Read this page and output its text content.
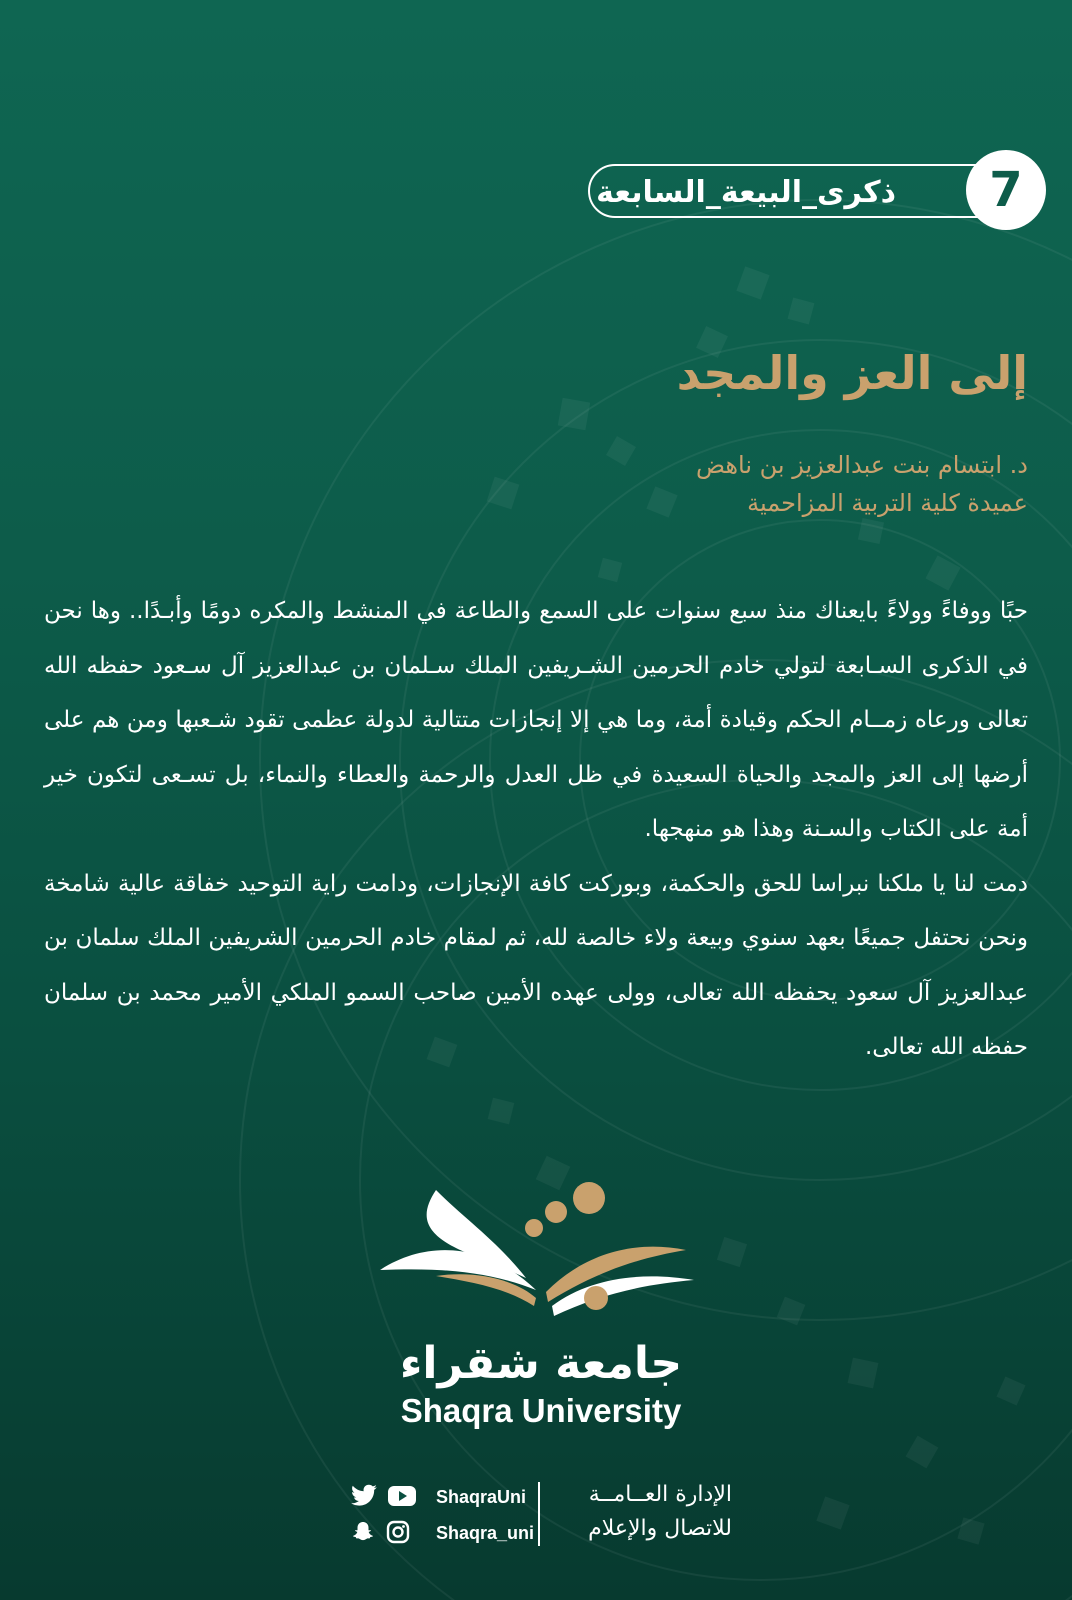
ذكرى_البيعة_السابعة	7
إلى العز والمجد
د. ابتسام بنت عبدالعزيز بن ناهض
عميدة كلية التربية المزاحمية

حبًا ووفاءً وولاءً بايعناك منذ سبع سنوات على السمع والطاعة في المنشط والمكره دومًا وأبـدًا.. وها نحن في الذكرى السـابعة لتولي خادم الحرمين الشـريفين الملك سـلمان بن عبدالعزيز آل سـعود حفظه الله تعالى ورعاه زمــام الحكم وقيادة أمة، وما هي إلا إنجازات متتالية لدولة عظمى تقود شـعبها ومن هم على أرضها إلى العز والمجد والحياة السعيدة في ظل العدل والرحمة والعطاء والنماء، بل تسـعى لتكون خير أمة على الكتاب والسـنة وهذا هو منهجها.

دمت لنا يا ملكنا نبراسا للحق والحكمة، وبوركت كافة الإنجازات، ودامت راية التوحيد خفاقة عالية شامخة ونحن نحتفل جميعًا بعهد سنوي وبيعة ولاء خالصة لله، ثم لمقام خادم الحرمين الشريفين الملك سلمان بن عبدالعزيز آل سعود يحفظه الله تعالى، وولى عهده الأمين صاحب السمو الملكي الأمير محمد بن سلمان حفظه الله تعالى.

جامعة شقراء
Shaqra University
الإدارة العــامــة
للاتصال والإعلام

ShaqraUni

Shaqra_uni
